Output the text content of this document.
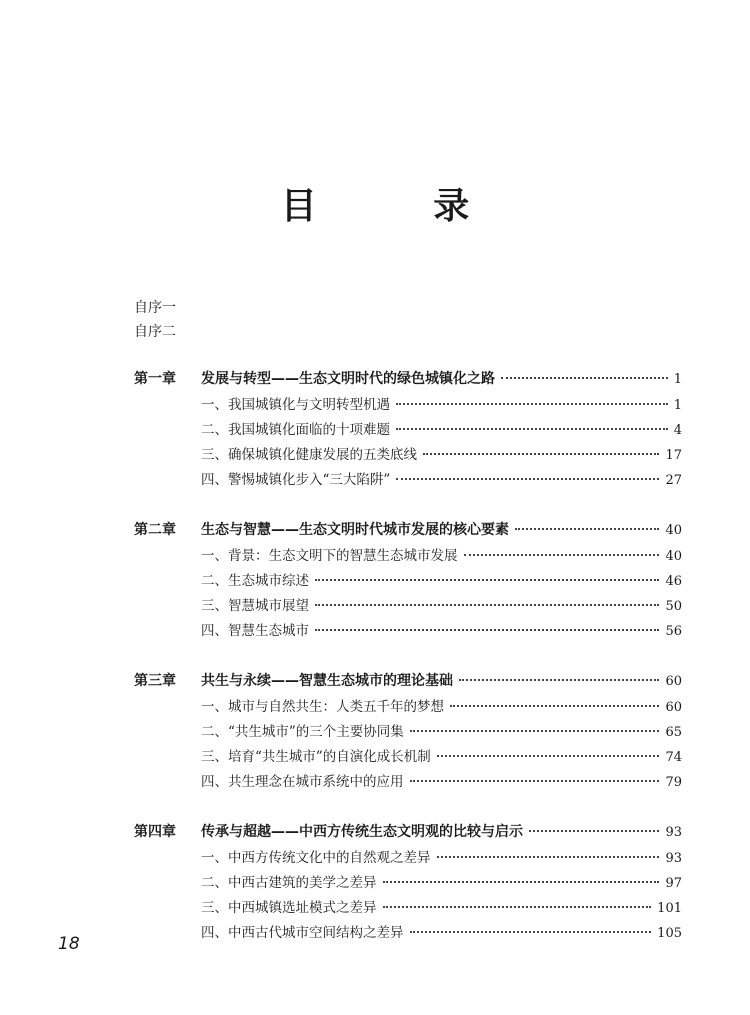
目 录
自序一
自序二
第一章 发展与转型——生态文明时代的绿色城镇化之路	1
一、我国城镇化与文明转型机遇	1
二、我国城镇化面临的十项难题	4
三、确保城镇化健康发展的五类底线	17
四、警惕城镇化步入“三大陷阱”	27
第二章 生态与智慧——生态文明时代城市发展的核心要素	40
一、背景：生态文明下的智慧生态城市发展	40
二、生态城市综述	46
三、智慧城市展望	50
四、智慧生态城市	56
第三章 共生与永续——智慧生态城市的理论基础	60
一、城市与自然共生：人类五千年的梦想	60
二、“共生城市”的三个主要协同集	65
三、培育“共生城市”的自演化成长机制	74
四、共生理念在城市系统中的应用	79
第四章 传承与超越——中西方传统生态文明观的比较与启示	93
一、中西方传统文化中的自然观之差异	93
二、中西古建筑的美学之差异	97
三、中西城镇选址模式之差异	101
四、中西古代城市空间结构之差异	105
18
